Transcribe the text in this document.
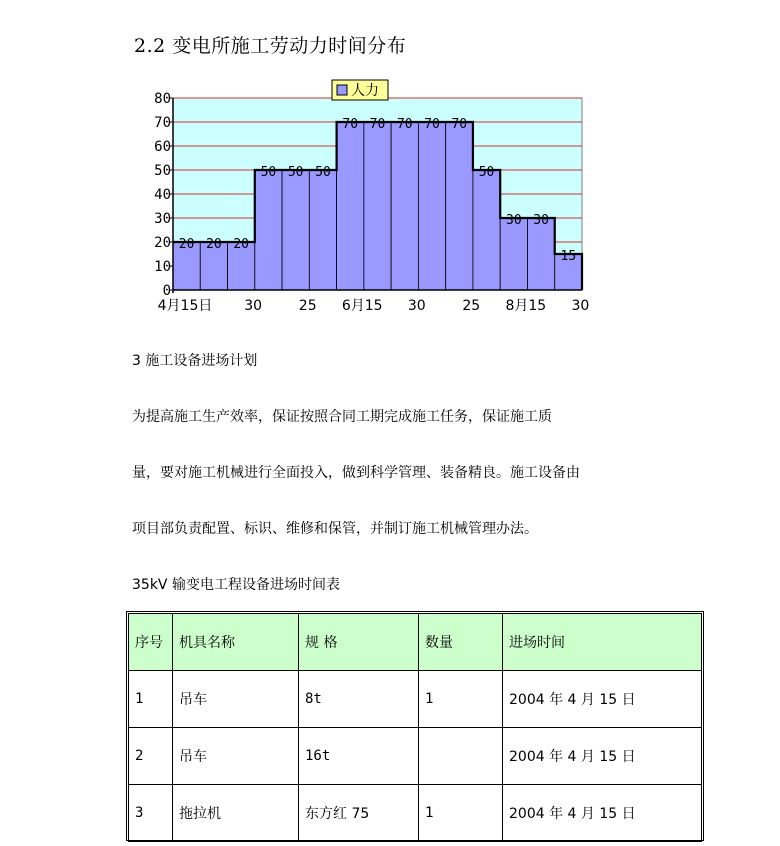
2.2 变电所施工劳动力时间分布
20 20 20
50 50 50
70 70 70 70 70
50
30 30
15
0
10
20
30
40
50
60
70
80
4月15日 30	25 6月15 30	25 8月15 30
人力
3 施工设备进场计划
为提高施工生产效率，保证按照合同工期完成施工任务，保证施工质
量，要对施工机械进行全面投入，做到科学管理、装备精良。施工设备由
项目部负责配置、标识、维修和保管，并制订施工机械管理办法。
35kV 输变电工程设备进场时间表
序号	机具名称	规 格	数量	进场时间
1	吊车	8t	1	2004 年 4 月 15 日
2	吊车	16t		2004 年 4 月 15 日
3	拖拉机	东方红 75	1	2004 年 4 月 15 日
